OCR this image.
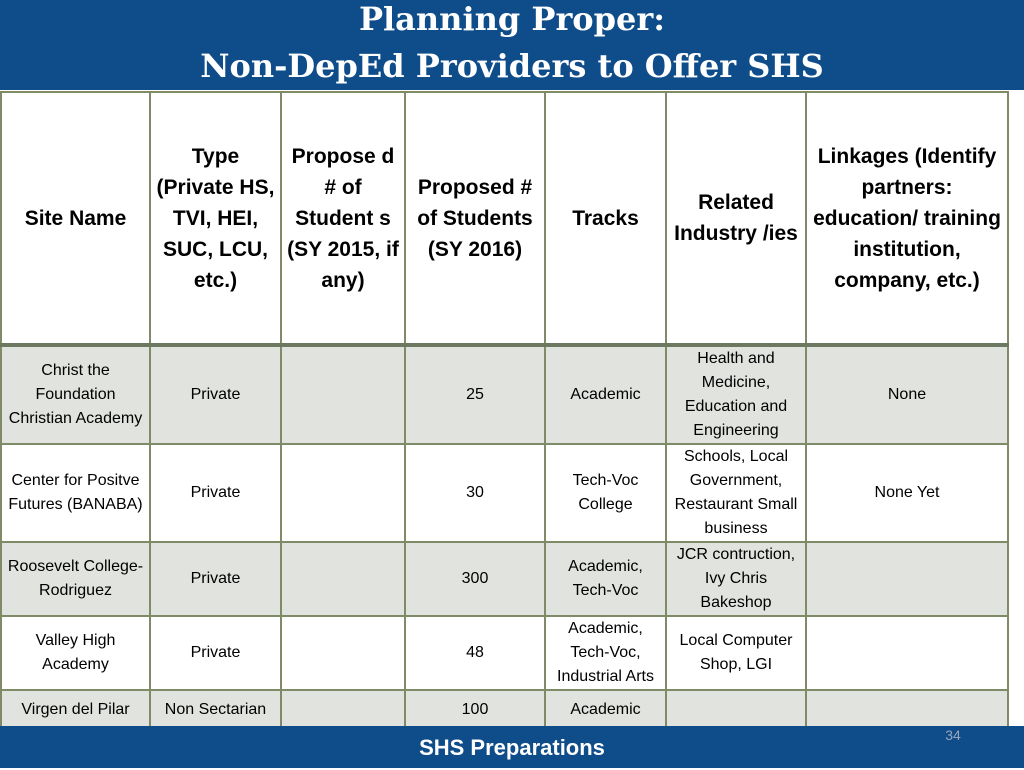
Planning Proper:
Non-DepEd Providers to Offer SHS
Site Name	Type (Private HS, TVI, HEI, SUC, LCU, etc.)	Propose d # of Student s (SY 2015, if any)	Proposed # of Students (SY 2016)	Tracks	Related Industry /ies	Linkages (Identify partners: education/ training institution, company, etc.)
Christ the Foundation Christian Academy	Private		25	Academic	Health and Medicine, Education and Engineering	None
Center for Positve Futures (BANABA)	Private		30	Tech-Voc College	Schools, Local Government, Restaurant Small business	None Yet
Roosevelt College- Rodriguez	Private		300	Academic, Tech-Voc	JCR contruction, Ivy Chris Bakeshop	
Valley High Academy	Private		48	Academic, Tech-Voc, Industrial Arts	Local Computer Shop, LGI	
Virgen del Pilar	Non Sectarian		100	Academic		
SHS Preparations	34
